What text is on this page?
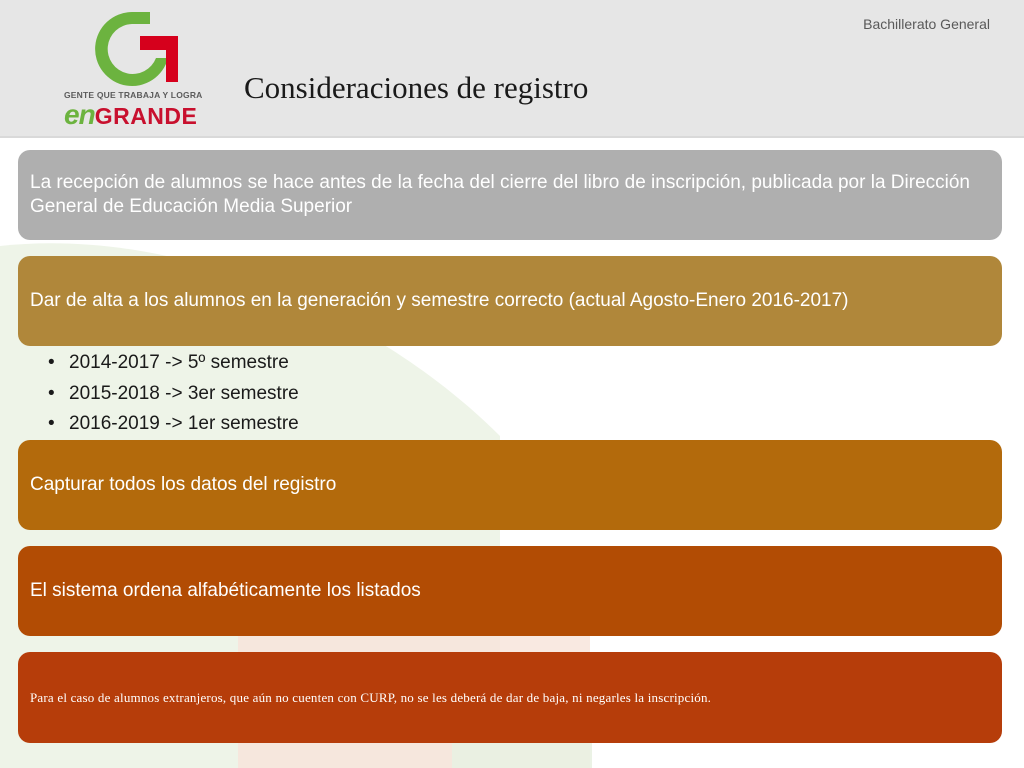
GENTE QUE TRABAJA Y LOGRA
enGRANDE
Bachillerato General
Consideraciones de registro
La recepción de alumnos se hace antes de la fecha del cierre del libro de inscripción, publicada por la Dirección General de Educación Media Superior
Dar de alta a los alumnos en la generación y semestre correcto (actual Agosto-Enero 2016-2017)
• 2014-2017 -> 5º semestre
• 2015-2018 -> 3er semestre
• 2016-2019 -> 1er semestre
Capturar todos los datos del registro
El sistema ordena alfabéticamente los listados
Para el caso de alumnos extranjeros, que aún no cuenten con CURP, no se les deberá de dar de baja, ni negarles la inscripción.
